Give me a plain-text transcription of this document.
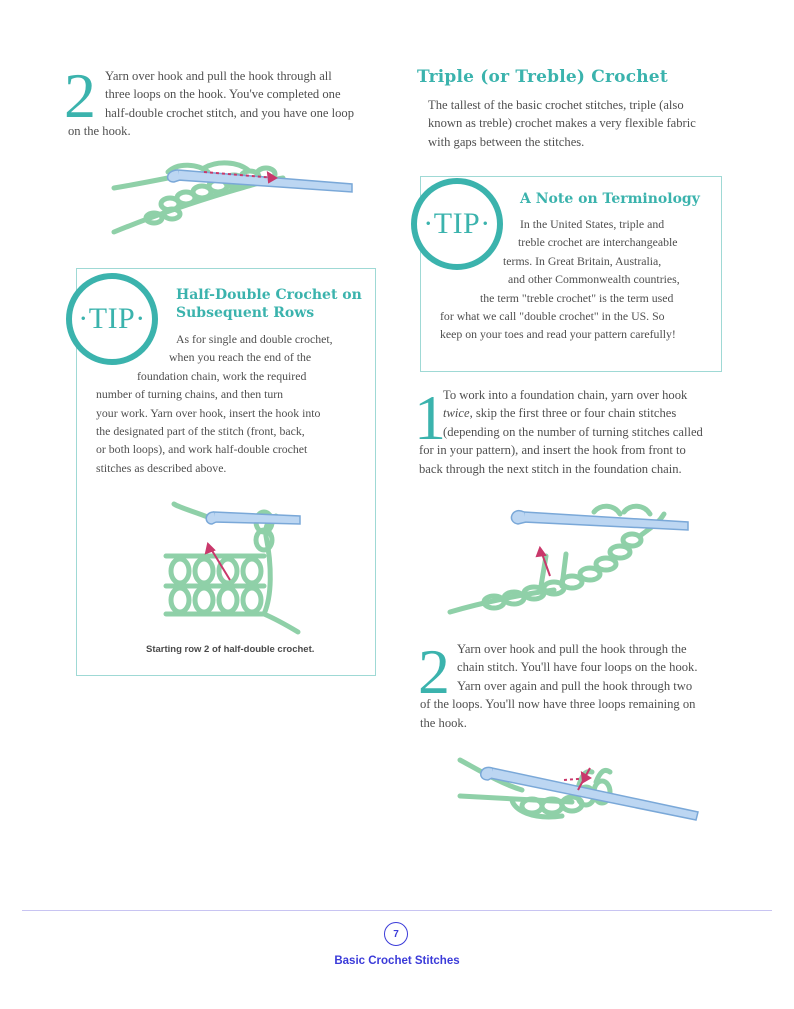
2 Yarn over hook and pull the hook through all
three loops on the hook. You've completed one
half-double crochet stitch, and you have one loop
on the hook.
·TIP·
Half-Double Crochet on
Subsequent Rows
As for single and double crochet,
when you reach the end of the
foundation chain, work the required
number of turning chains, and then turn
your work. Yarn over hook, insert the hook into
the designated part of the stitch (front, back,
or both loops), and work half-double crochet
stitches as described above.
Starting row 2 of half-double crochet.
Triple (or Treble) Crochet
The tallest of the basic crochet stitches, triple (also
known as treble) crochet makes a very flexible fabric
with gaps between the stitches.
·TIP·
A Note on Terminology
In the United States, triple and
treble crochet are interchangeable
terms. In Great Britain, Australia,
and other Commonwealth countries,
the term "treble crochet" is the term used
for what we call "double crochet" in the US. So
keep on your toes and read your pattern carefully!
1
To work into a foundation chain, yarn over hook
twice, skip the first three or four chain stitches
(depending on the number of turning stitches called
for in your pattern), and insert the hook from front to
back through the next stitch in the foundation chain.
2 Yarn over hook and pull the hook through the
chain stitch. You'll have four loops on the hook.
Yarn over again and pull the hook through two
of the loops. You'll now have three loops remaining on
the hook.
7
Basic Crochet Stitches
